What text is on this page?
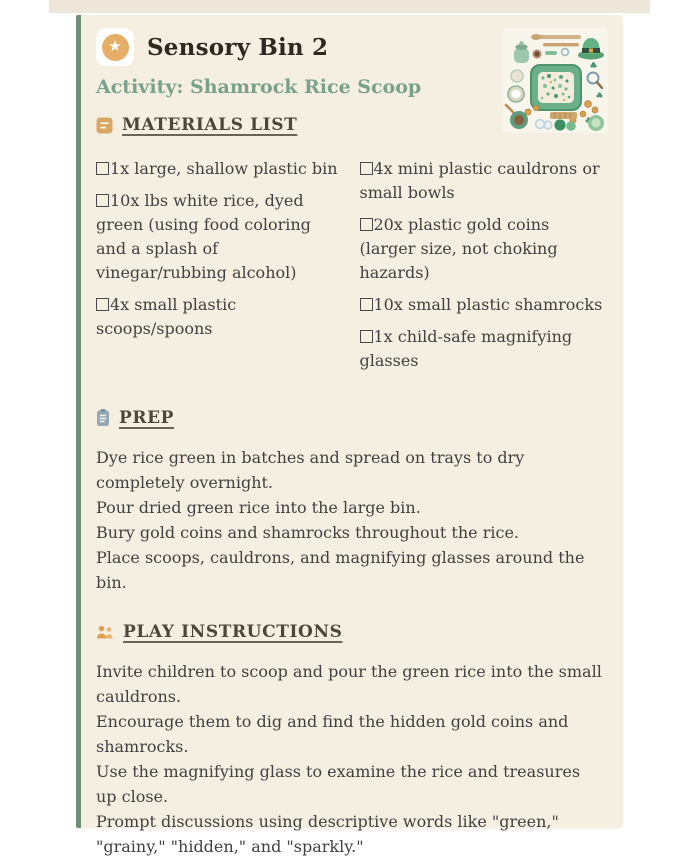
★ Sensory Bin 2
Activity: Shamrock Rice Scoop
MATERIALS LIST
1x large, shallow plastic bin
10x lbs white rice, dyed green (using food coloring and a splash of vinegar/rubbing alcohol)
4x small plastic scoops/spoons
4x mini plastic cauldrons or small bowls
20x plastic gold coins (larger size, not choking hazards)
10x small plastic shamrocks
1x child-safe magnifying glasses
PREP
Dye rice green in batches and spread on trays to dry completely overnight.
Pour dried green rice into the large bin.
Bury gold coins and shamrocks throughout the rice.
Place scoops, cauldrons, and magnifying glasses around the bin.
PLAY INSTRUCTIONS
Invite children to scoop and pour the green rice into the small cauldrons.
Encourage them to dig and find the hidden gold coins and shamrocks.
Use the magnifying glass to examine the rice and treasures up close.
Prompt discussions using descriptive words like "green," "grainy," "hidden," and "sparkly."
